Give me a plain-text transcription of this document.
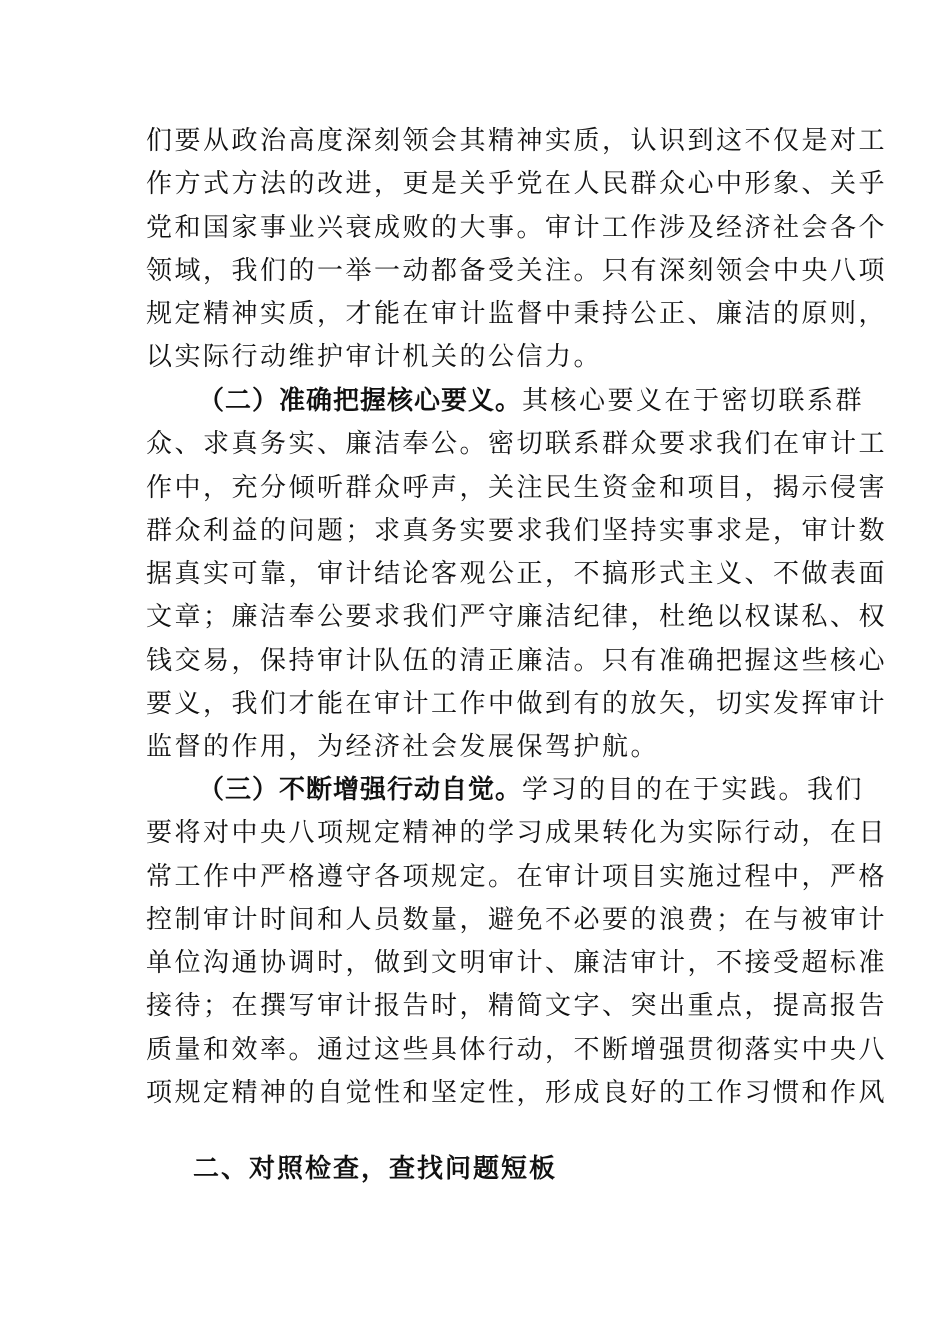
们要从政治高度深刻领会其精神实质，认识到这不仅是对工
作方式方法的改进，更是关乎党在人民群众心中形象、关乎
党和国家事业兴衰成败的大事。审计工作涉及经济社会各个
领域，我们的一举一动都备受关注。只有深刻领会中央八项
规定精神实质，才能在审计监督中秉持公正、廉洁的原则，
以实际行动维护审计机关的公信力。
（二）准确把握核心要义。其核心要义在于密切联系群
众、求真务实、廉洁奉公。密切联系群众要求我们在审计工
作中，充分倾听群众呼声，关注民生资金和项目，揭示侵害
群众利益的问题；求真务实要求我们坚持实事求是，审计数
据真实可靠，审计结论客观公正，不搞形式主义、不做表面
文章；廉洁奉公要求我们严守廉洁纪律，杜绝以权谋私、权
钱交易，保持审计队伍的清正廉洁。只有准确把握这些核心
要义，我们才能在审计工作中做到有的放矢，切实发挥审计
监督的作用，为经济社会发展保驾护航。
（三）不断增强行动自觉。学习的目的在于实践。我们
要将对中央八项规定精神的学习成果转化为实际行动，在日
常工作中严格遵守各项规定。在审计项目实施过程中，严格
控制审计时间和人员数量，避免不必要的浪费；在与被审计
单位沟通协调时，做到文明审计、廉洁审计，不接受超标准
接待；在撰写审计报告时，精简文字、突出重点，提高报告
质量和效率。通过这些具体行动，不断增强贯彻落实中央八
项规定精神的自觉性和坚定性，形成良好的工作习惯和作风
二、对照检查，查找问题短板
